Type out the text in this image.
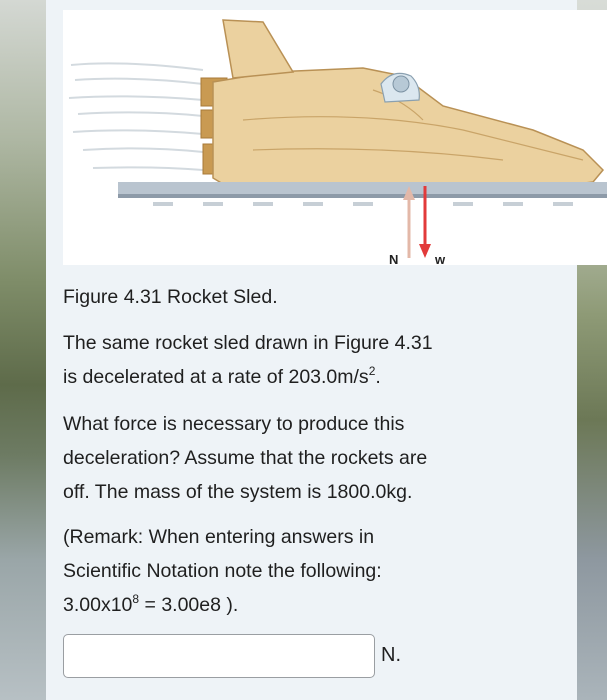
N	w
Figure 4.31 Rocket Sled.
The same rocket sled drawn in Figure 4.31
is decelerated at a rate of $203.0m/s^2$.
What force is necessary to produce this
deceleration? Assume that the rockets are
off. The mass of the system is 1800.0kg.
(Remark: When entering answers in
Scientific Notation note the following:
$3.00x10^8 = 3.00e8$ ).
N.
